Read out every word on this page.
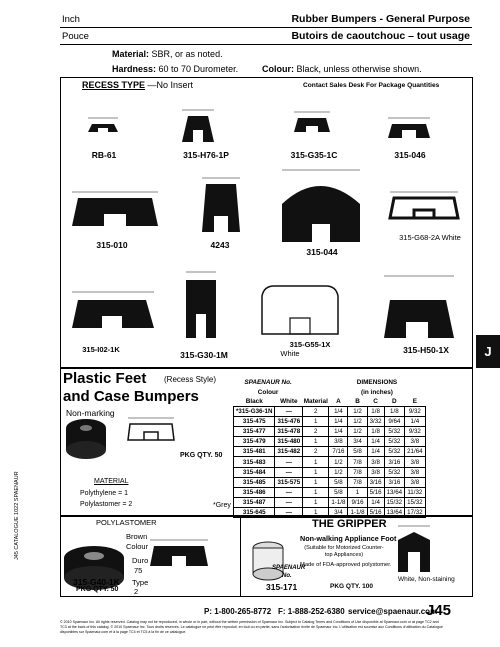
Inch
Pouce
Rubber Bumpers - General Purpose
Butoirs de caoutchouc – tout usage
Material: SBR, or as noted.
Hardness: 60 to 70 Durometer.	Colour: Black, unless otherwise shown.
RECESS TYPE —No Insert	Contact Sales Desk For Package Quantities
RB-61	315-H76-1P	315-G35-1C	315-046
315-010	4243
315-044
315-G68-2A White
315-I02-1K
315-G30-1M
315-G55-1X
White	315-H50-1X	J
Plastic Feet (Recess Style)
and Case Bumpers
Non-marking
PKG QTY. 50
MATERIAL
Polythylene = 1
Polylastomer = 2	*Grey
SPAENAUR No.			DIMENSIONS				
Colour			(in inches)				
Black	White	Material	A	B	C	D	E
*315-G36-1N	—	2	1/4	1/2	1/8	1/8	9/32
315-475	315-476	1	1/4	1/2	3/32	9/64	1/4
315-477	315-478	2	1/4	1/2	1/8	5/32	9/32
315-479	315-480	1	3/8	3/4	1/4	5/32	3/8
315-481	315-482	2	7/16	5/8	1/4	5/32	21/64
315-483	—	1	1/2	7/8	3/8	3/16	3/8
315-484	—	1	1/2	7/8	3/8	5/32	3/8
315-485	315-575	1	5/8	7/8	3/16	3/16	3/8
315-486	—	1	5/8	1	5/16	13/64	11/32
315-487	—	1	1-1/8	9/16	1/4	15/32	15/32
315-645	—	1	3/4	1-1/8	5/16	13/64	17/32
POLYLASTOMER
Brown
Colour
Duro
75
315-G40-1K Type
2
PKG QTY. 50
THE GRIPPER
Non-walking Appliance Foot
(Suitable for Motorized Counter-top Appliances)
Made of FDA-approved polystomer.
SPAENAUR
No.
315-171	PKG QTY. 100
White, Non-staining
J45 CATALOGUE 1022 SPAENAUR
P: 1-800-265-8772 F: 1-888-252-6380 service@spaenaur.com
J45
© 2010 Spaenaur Inc. All rights reserved. Catalog may not be reproduced, in whole or in part, without the written permission of Spaenaur Inc. Subject to Catalog Terms and Conditions of Use disponible at Spaenaur.com or at page TC2 and
TC3 at the back of this catalog. © 2010 Spaenaur Inc. Tous droits réservés. Le catalogue ne peut être reproduit, en tout ou en partie, sans l'autorisation écrite de Spaenaur Inc. L'utilisation est soumise aux Conditions d'utilisation du Catalogue
disponibles sur Spaenaur.com et à la page TC4 et TC5 à la fin de ce catalogue.
